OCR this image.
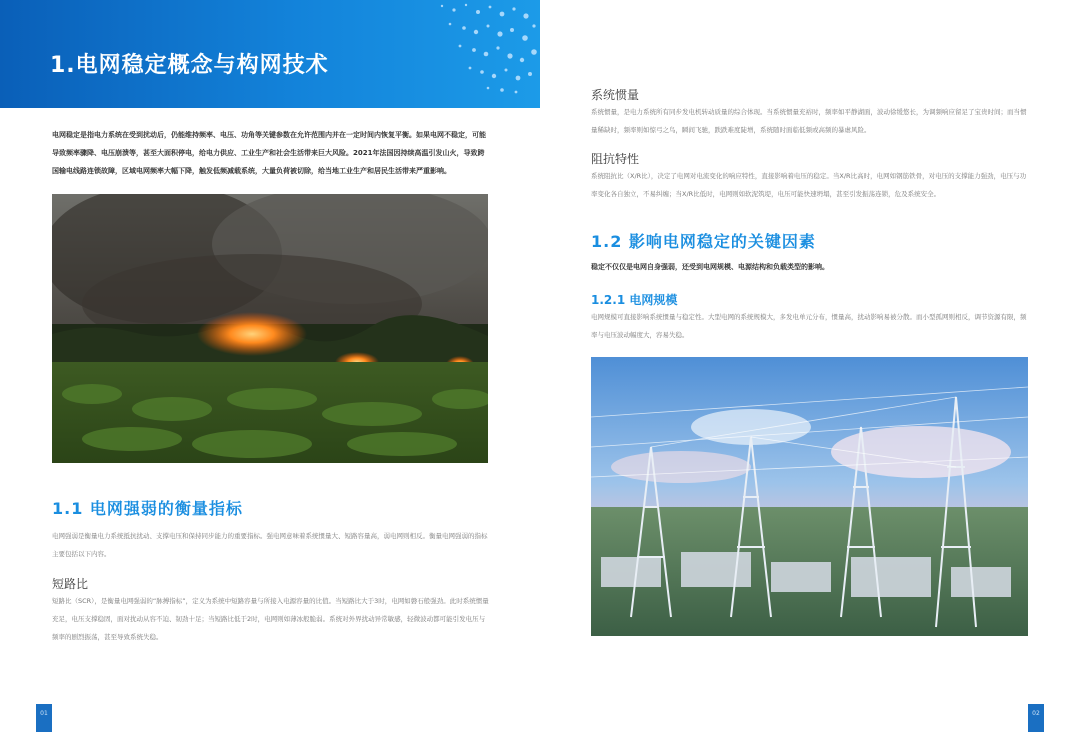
1.电网稳定概念与构网技术
电网稳定是指电力系统在受到扰动后，仍能维持频率、电压、功角等关键参数在允许范围内并在一定时间内恢复平衡。如果电网不稳定，可能导致频率骤降、电压崩溃等，甚至大面积停电，给电力供应、工业生产和社会生活带来巨大风险。2021年法国因持续高温引发山火，导致跨国输电线路连锁故障，区域电网频率大幅下降，触发低频减载系统，大量负荷被切除，给当地工业生产和居民生活带来严重影响。
1.1 电网强弱的衡量指标
电网强弱是衡量电力系统抵抗扰动、支撑电压和保持同步能力的重要指标。强电网意味着系统惯量大、短路容量高，弱电网则相反。衡量电网强弱的指标主要包括以下内容。
短路比
短路比（SCR），是衡量电网强弱的“脉搏指标”，定义为系统中短路容量与所接入电源容量的比值。当短路比大于3时，电网如磐石般强劲。此时系统惯量充足，电压支撑稳固，面对扰动从容不迫、韧劲十足；当短路比低于2时，电网则如薄冰般脆弱。系统对外界扰动异常敏感，轻微波动都可能引发电压与频率的剧烈振荡，甚至导致系统失稳。
系统惯量
系统惯量，是电力系统所有同步发电机转动质量的综合体现。当系统惯量充裕时，频率如平静湖面，波动徐缓悠长，为调频响应留足了宝贵时间；而当惯量稀缺时，频率则如惊弓之鸟，瞬间飞驰，跌跌难度陡增，系统随时面临低频或高频的暴虐风险。
阻抗特性
系统阻抗比（X/R比），决定了电网对电流变化的响应特性，直接影响着电压的稳定。当X/R比高时，电网如钢筋铁骨，对电压的支撑能力强劲，电压与功率变化各自独立，不易纠缠；当X/R比低时，电网则如软泥筑堤，电压可能快速坍塌，甚至引发振荡连锁，危及系统安全。
1.2 影响电网稳定的关键因素
稳定不仅仅是电网自身强弱，还受到电网规模、电源结构和负载类型的影响。
1.2.1 电网规模
电网规模可直接影响系统惯量与稳定性。大型电网的系统规模大，多发电单元分布，惯量高，扰动影响易被分散。而小型孤网则相反，调节资源有限，频率与电压波动幅度大，容易失稳。
01	02
